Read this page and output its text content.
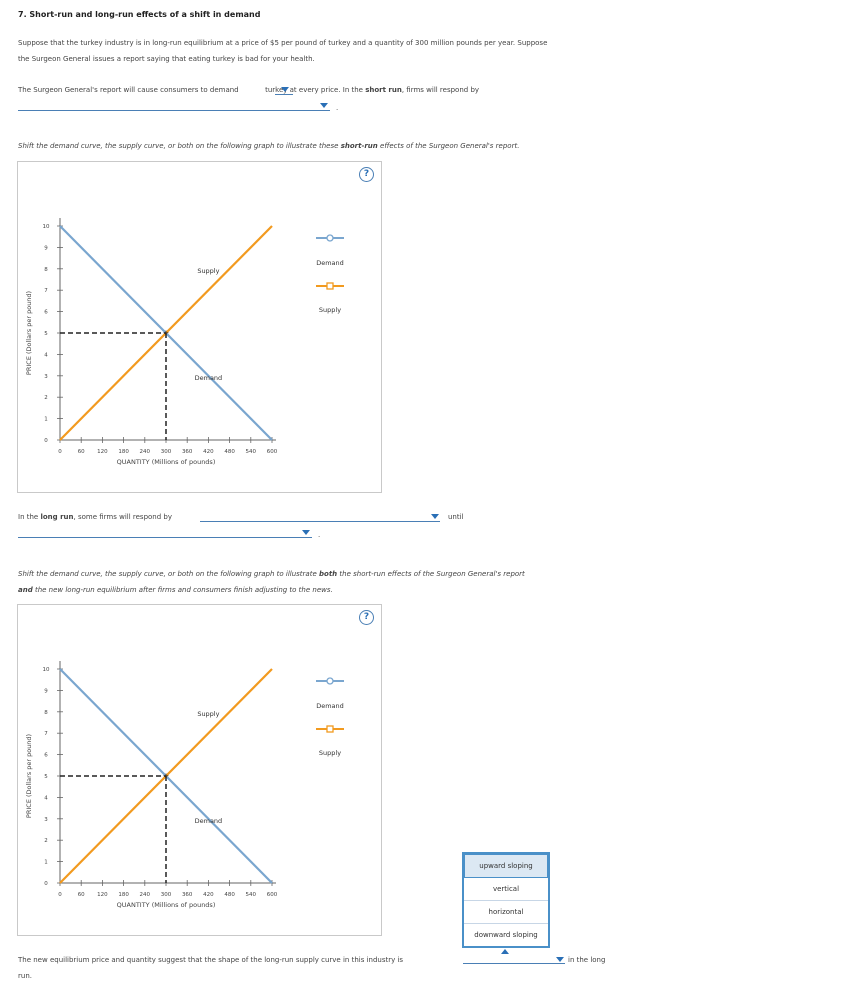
7. Short-run and long-run effects of a shift in demand
Suppose that the turkey industry is in long-run equilibrium at a price of $5 per pound of turkey and a quantity of 300 million pounds per year. Suppose
the Surgeon General issues a report saying that eating turkey is bad for your health.
The Surgeon General's report will cause consumers to demand	turkey at every price. In the short run, firms will respond by
.
Shift the demand curve, the supply curve, or both on the following graph to illustrate these short-run effects of the Surgeon General's report.
?
0
1
2
3
4
5
6
7
8
9
10
0	60 120 180 240 300 360 420 480 540 600
QUANTITY (Millions of pounds)
PRICE (Dollars per pound)	+
Supply
Demand
Demand
Supply
In the long run, some firms will respond by	until
.
Shift the demand curve, the supply curve, or both on the following graph to illustrate both the short-run effects of the Surgeon General's report
and the new long-run equilibrium after firms and consumers finish adjusting to the news.
?
0
1
2
3
4
5
6
7
8
9
10
0	60 120 180 240 300 360 420 480 540 600
QUANTITY (Millions of pounds)
PRICE (Dollars per pound)	+
Supply
Demand
Demand
Supply
upward sloping
vertical
horizontal
downward sloping
The new equilibrium price and quantity suggest that the shape of the long-run supply curve in this industry is	in the long
run.
